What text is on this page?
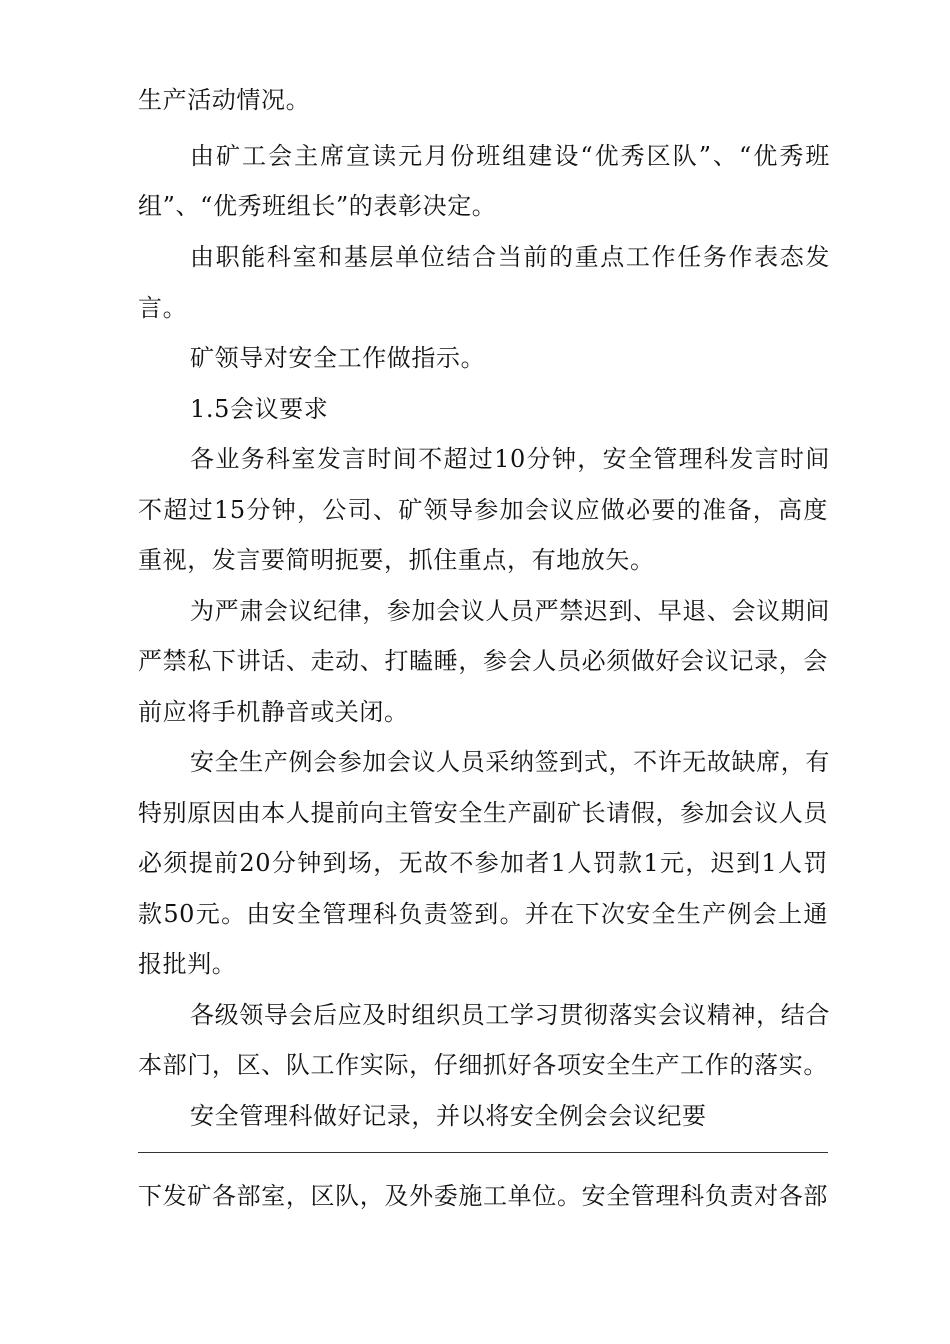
生产活动情况。
由矿工会主席宣读元月份班组建设“优秀区队”、“优秀班
组”、“优秀班组长”的表彰决定。
由职能科室和基层单位结合当前的重点工作任务作表态发
言。
矿领导对安全工作做指示。
1.5会议要求
各业务科室发言时间不超过10分钟，安全管理科发言时间
不超过15分钟，公司、矿领导参加会议应做必要的准备，高度
重视，发言要简明扼要，抓住重点，有地放矢。
为严肃会议纪律，参加会议人员严禁迟到、早退、会议期间
严禁私下讲话、走动、打瞌睡，参会人员必须做好会议记录，会
前应将手机静音或关闭。
安全生产例会参加会议人员采纳签到式，不许无故缺席，有
特别原因由本人提前向主管安全生产副矿长请假，参加会议人员
必须提前20分钟到场，无故不参加者1人罚款1元，迟到1人罚
款50元。由安全管理科负责签到。并在下次安全生产例会上通
报批判。
各级领导会后应及时组织员工学习贯彻落实会议精神，结合
本部门，区、队工作实际，仔细抓好各项安全生产工作的落实。
安全管理科做好记录，并以将安全例会会议纪要
下发矿各部室，区队，及外委施工单位。安全管理科负责对各部
